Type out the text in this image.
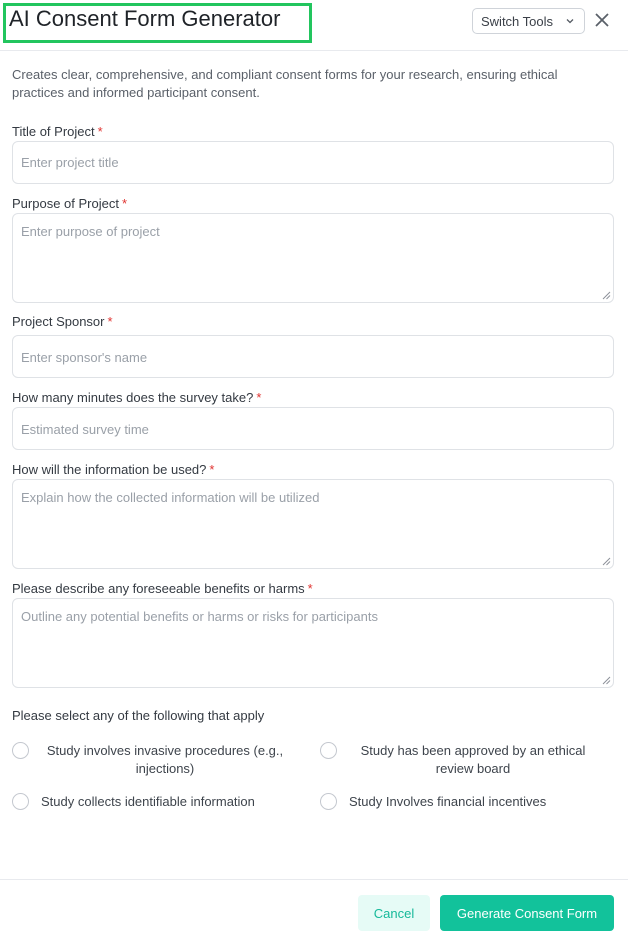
AI Consent Form Generator	Switch Tools
Creates clear, comprehensive, and compliant consent forms for your research, ensuring ethical practices and informed participant consent.
Title of Project *
Enter project title
Purpose of Project *
Enter purpose of project
Project Sponsor *
Enter sponsor's name
How many minutes does the survey take? *
Estimated survey time
How will the information be used? *
Explain how the collected information will be utilized
Please describe any foreseeable benefits or harms *
Outline any potential benefits or harms or risks for participants
Please select any of the following that apply
Study involves invasive procedures (e.g., injections)
Study has been approved by an ethical review board
Study collects identifiable information	Study Involves financial incentives
Cancel	Generate Consent Form
